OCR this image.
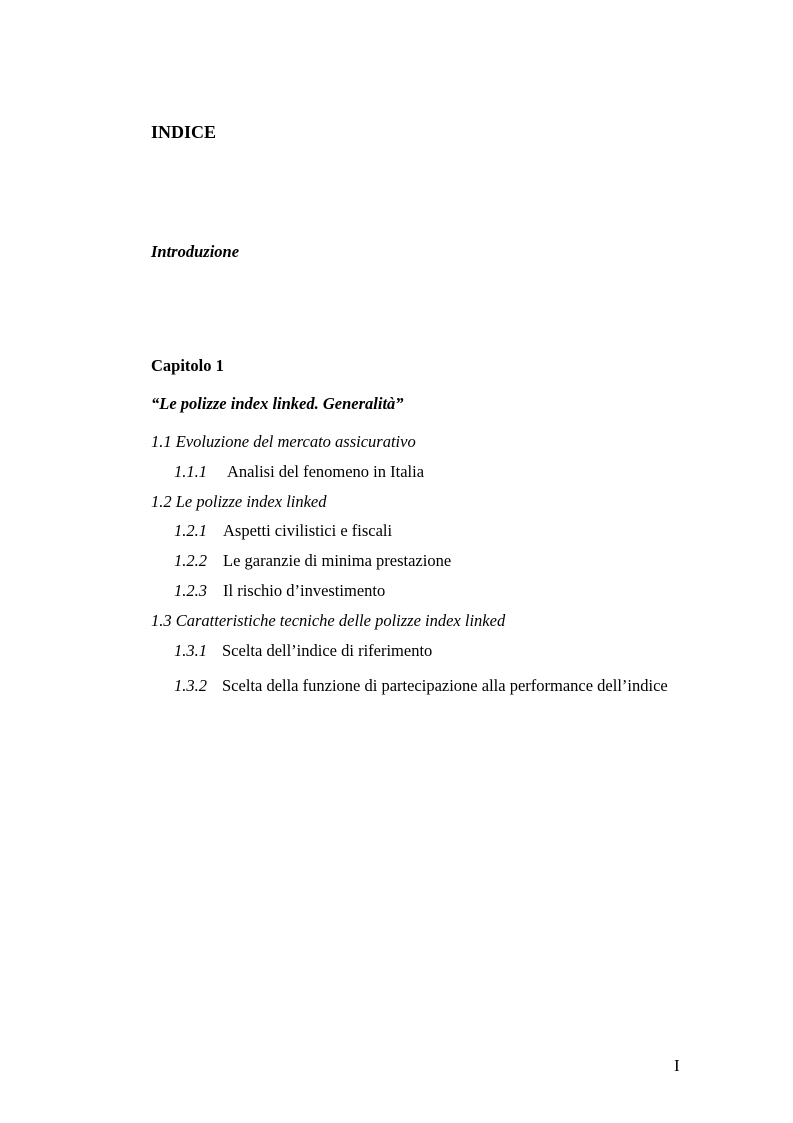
INDICE
Introduzione
Capitolo 1
“Le polizze index linked. Generalità”
1.1 Evoluzione del mercato assicurativo
1.1.1 Analisi del fenomeno in Italia
1.2 Le polizze index linked
1.2.1 Aspetti civilistici e fiscali
1.2.2 Le garanzie di minima prestazione
1.2.3 Il rischio d’investimento
1.3 Caratteristiche tecniche delle polizze index linked
1.3.1 Scelta dell’indice di riferimento
1.3.2 Scelta della funzione di partecipazione alla performance dell’indice
I
